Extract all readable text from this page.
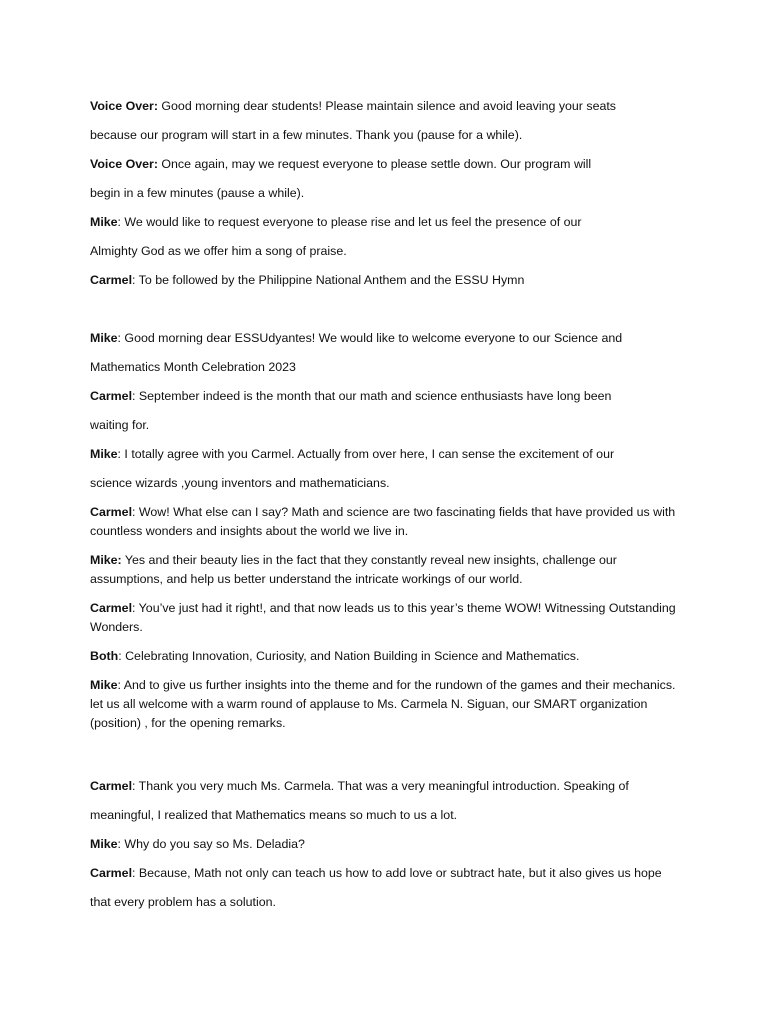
Voice Over: Good morning dear students! Please maintain silence and avoid leaving your seats
because our program will start in a few minutes. Thank you (pause for a while).
Voice Over: Once again, may we request everyone to please settle down. Our program will
begin in a few minutes (pause a while).
Mike: We would like to request everyone to please rise and let us feel the presence of our
Almighty God as we offer him a song of praise.
Carmel: To be followed by the Philippine National Anthem and the ESSU Hymn
Mike: Good morning dear ESSUdyantes! We would like to welcome everyone to our Science and
Mathematics Month Celebration 2023
Carmel: September indeed is the month that our math and science enthusiasts have long been
waiting for.
Mike: I totally agree with you Carmel. Actually from over here, I can sense the excitement of our
science wizards ,young inventors and mathematicians.

Carmel: Wow! What else can I say? Math and science are two fascinating fields that have provided us with countless wonders and insights about the world we live in.

Mike: Yes and their beauty lies in the fact that they constantly reveal new insights, challenge our assumptions, and help us better understand the intricate workings of our world.

Carmel: You’ve just had it right!, and that now leads us to this year’s theme WOW! Witnessing Outstanding Wonders.

Both: Celebrating Innovation, Curiosity, and Nation Building in Science and Mathematics.

Mike: And to give us further insights into the theme and for the rundown of the games and their mechanics. let us all welcome with a warm round of applause to Ms. Carmela N. Siguan, our SMART organization (position) , for the opening remarks.

Carmel: Thank you very much Ms. Carmela. That was a very meaningful introduction. Speaking of
meaningful, I realized that Mathematics means so much to us a lot.
Mike: Why do you say so Ms. Deladia?
Carmel: Because, Math not only can teach us how to add love or subtract hate, but it also gives us hope
that every problem has a solution.
